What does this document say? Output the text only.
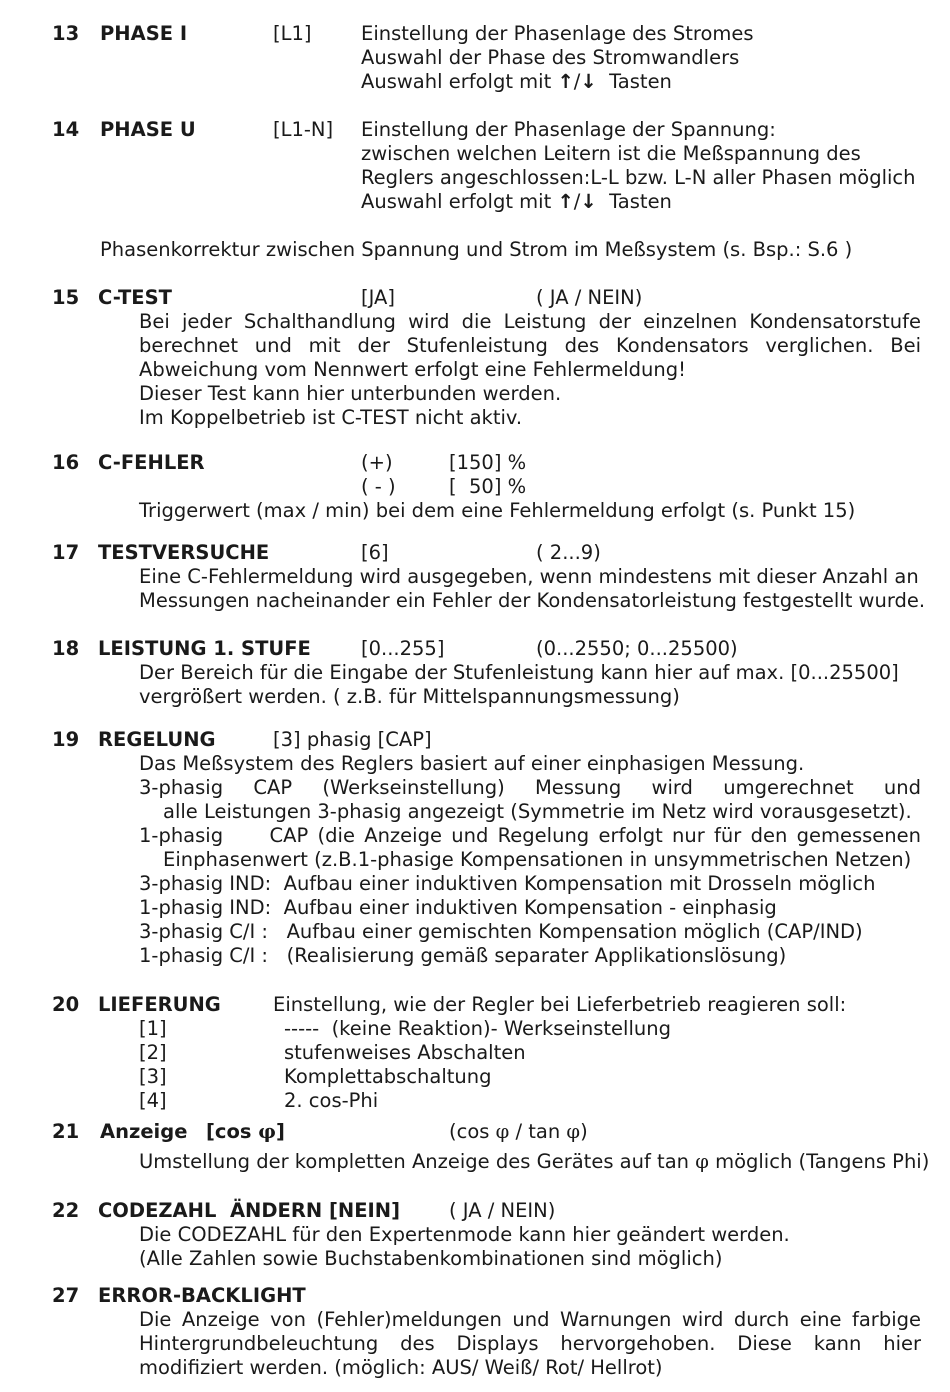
13 PHASE I	[L1]	Einstellung der Phasenlage des Stromes
Auswahl der Phase des Stromwandlers
Auswahl erfolgt mit ↑/↓ Tasten
14 PHASE U	[L1-N] Einstellung der Phasenlage der Spannung:
zwischen welchen Leitern ist die Meßspannung des
Reglers angeschlossen:L-L bzw. L-N aller Phasen möglich
Auswahl erfolgt mit ↑/↓ Tasten
Phasenkorrektur zwischen Spannung und Strom im Meßsystem (s. Bsp.: S.6 )
15 C-TEST	[JA]	( JA / NEIN)
Bei jeder Schalthandlung wird die Leistung der einzelnen Kondensatorstufe
berechnet und mit der Stufenleistung des Kondensators verglichen. Bei
Abweichung vom Nennwert erfolgt eine Fehlermeldung!
Dieser Test kann hier unterbunden werden.
Im Koppelbetrieb ist C-TEST nicht aktiv.
16 C-FEHLER	(+)	[150] %
( - )	[  50] %
Triggerwert (max / min) bei dem eine Fehlermeldung erfolgt (s. Punkt 15)
17 TESTVERSUCHE	[6]	( 2...9)
Eine C-Fehlermeldung wird ausgegeben, wenn mindestens mit dieser Anzahl an
Messungen nacheinander ein Fehler der Kondensatorleistung festgestellt wurde.
18 LEISTUNG 1. STUFE	[0...255]	(0...2550; 0...25500)
Der Bereich für die Eingabe der Stufenleistung kann hier auf max. [0...25500]
vergrößert werden. ( z.B. für Mittelspannungsmessung)
19 REGELUNG	[3] phasig [CAP]
Das Meßsystem des Reglers basiert auf einer einphasigen Messung.
3-phasig CAP (Werkseinstellung) Messung wird umgerechnet und
alle Leistungen 3-phasig angezeigt (Symmetrie im Netz wird vorausgesetzt).
1-phasig     CAP (die Anzeige und Regelung erfolgt nur für den gemessenen
Einphasenwert (z.B.1-phasige Kompensationen in unsymmetrischen Netzen)
3-phasig IND:  Aufbau einer induktiven Kompensation mit Drosseln möglich
1-phasig IND:  Aufbau einer induktiven Kompensation - einphasig
3-phasig C/I :   Aufbau einer gemischten Kompensation möglich (CAP/IND)
1-phasig C/I :   (Realisierung gemäß separater Applikationslösung)
20 LIEFERUNG	Einstellung, wie der Regler bei Lieferbetrieb reagieren soll:
[1]	-----  (keine Reaktion)- Werkseinstellung
[2]	stufenweises Abschalten
[3]	Komplettabschaltung
[4]	2. cos-Phi
21 Anzeige [cos φ]	(cos φ / tan φ)
Umstellung der kompletten Anzeige des Gerätes auf tan φ möglich (Tangens Phi)
22 CODEZAHL  ÄNDERN [NEIN]	( JA / NEIN)
Die CODEZAHL für den Expertenmode kann hier geändert werden.
(Alle Zahlen sowie Buchstabenkombinationen sind möglich)
27 ERROR-BACKLIGHT
Die Anzeige von (Fehler)meldungen und Warnungen wird durch eine farbige
Hintergrundbeleuchtung des Displays hervorgehoben. Diese kann hier
modifiziert werden. (möglich: AUS/ Weiß/ Rot/ Hellrot)
